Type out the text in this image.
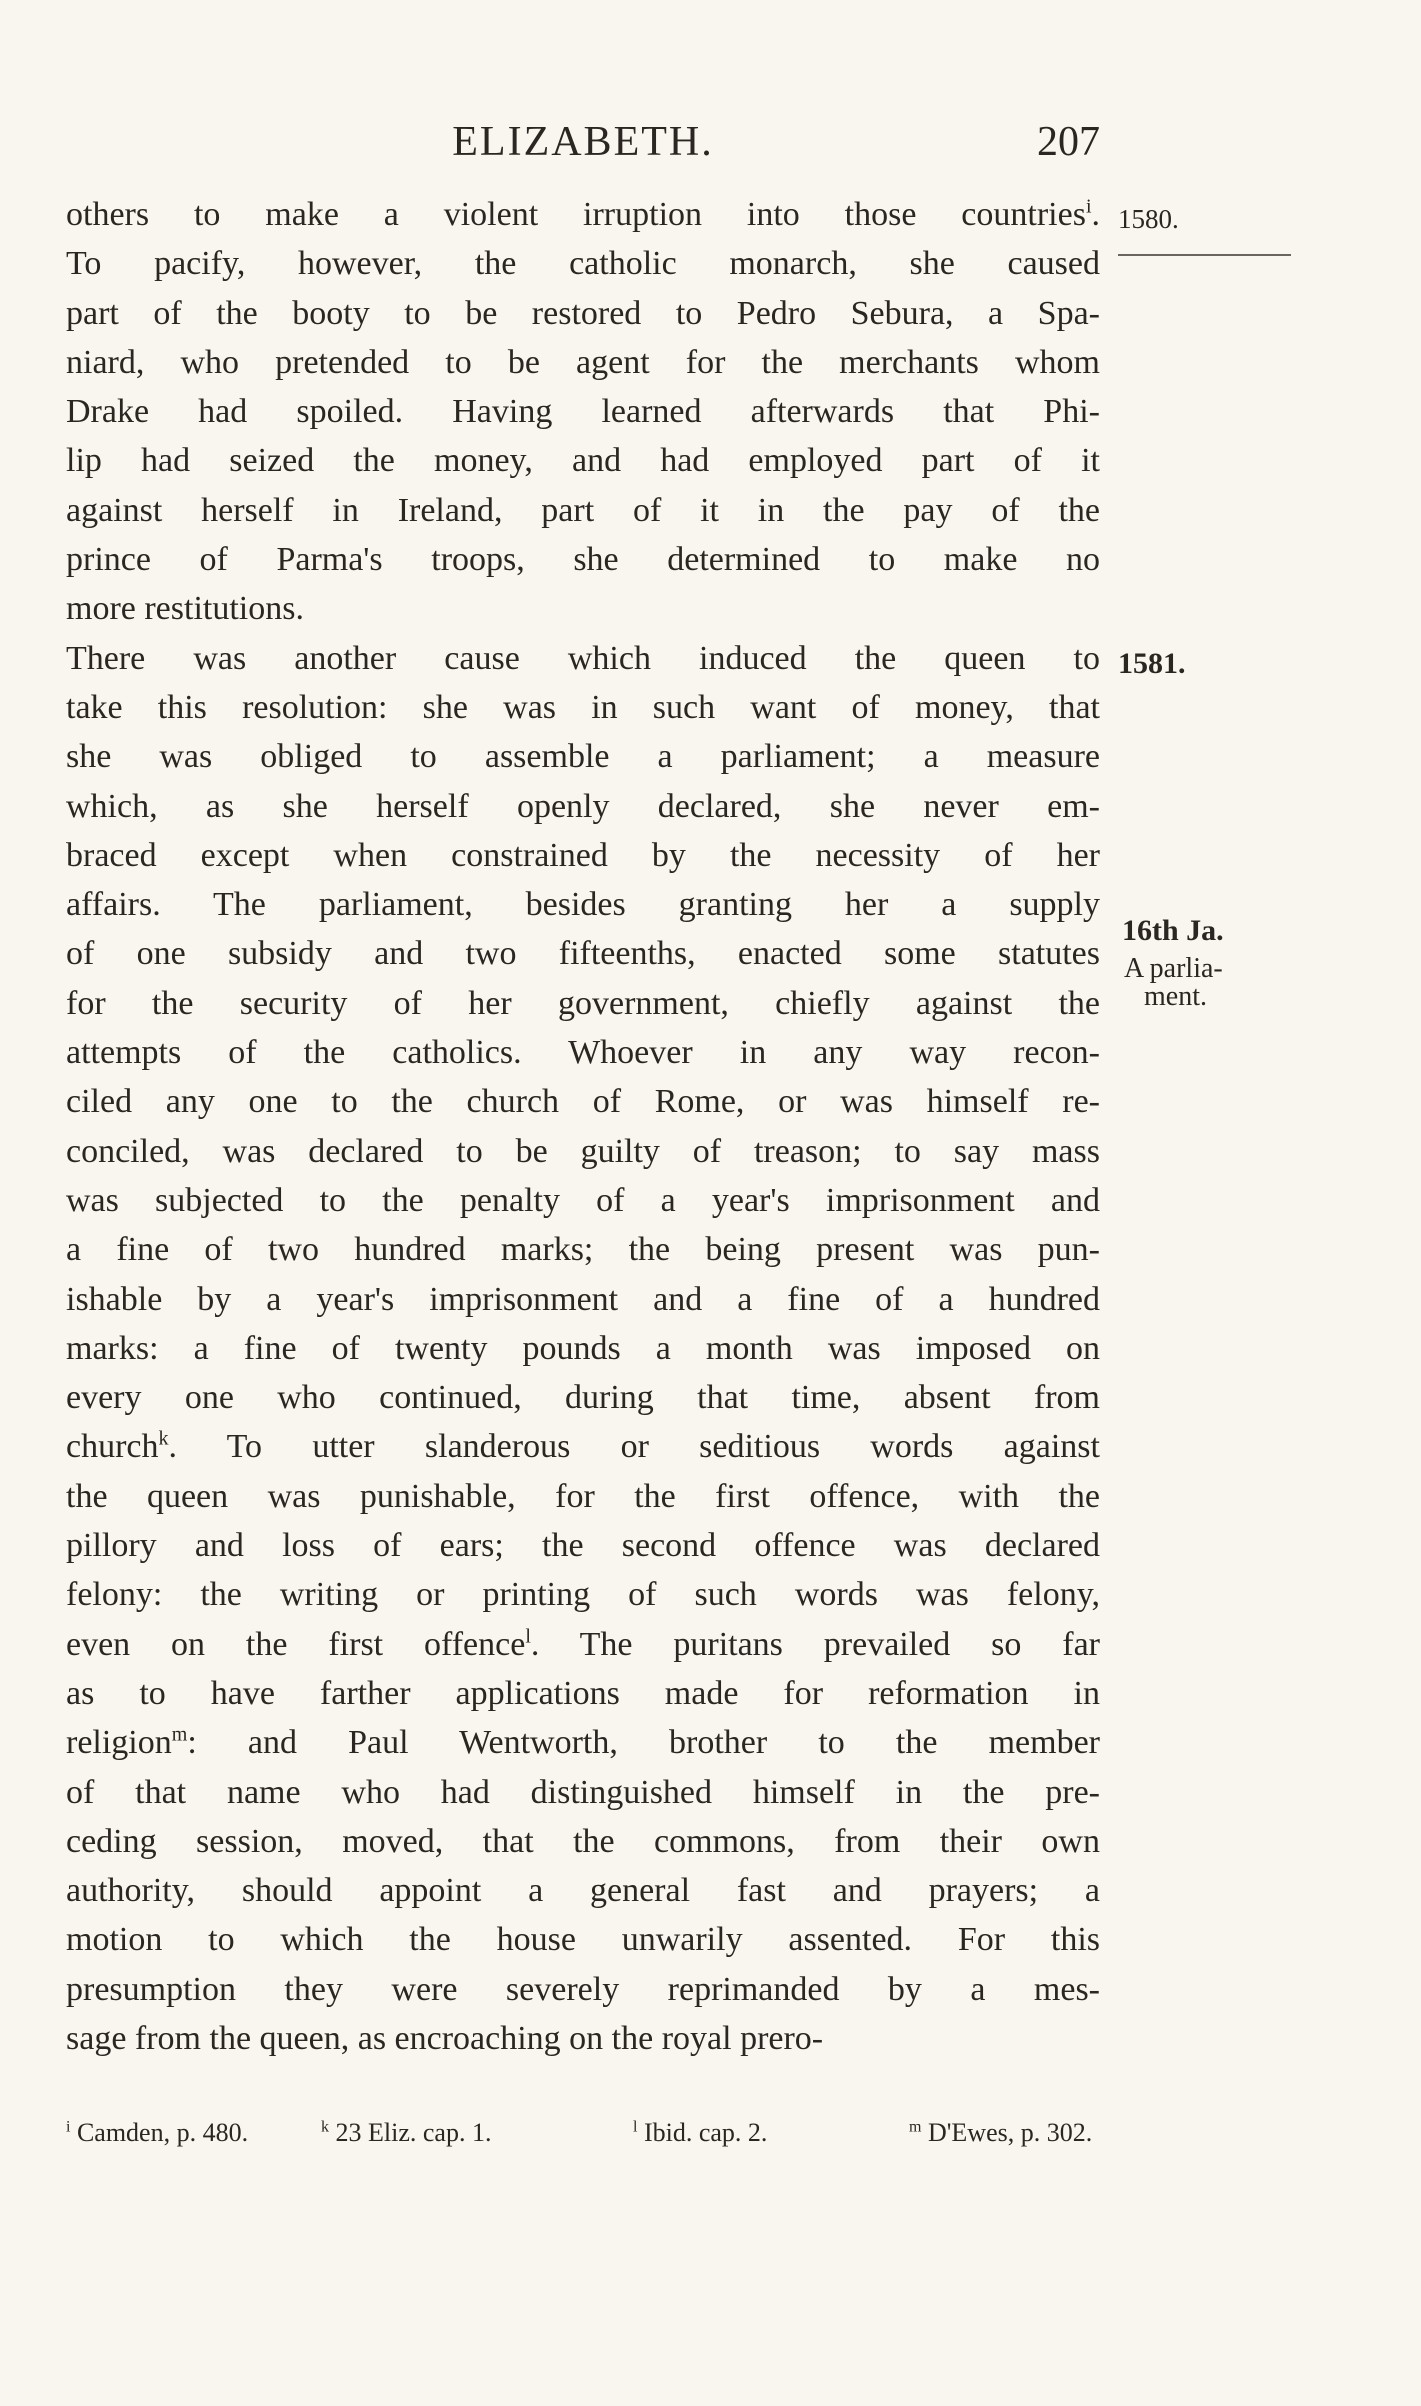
ELIZABETH.	207
1580.
1581.
16th Ja.
A parlia-
ment.
others to make a violent irruption into those countries$^i$.
To pacify, however, the catholic monarch, she caused
part of the booty to be restored to Pedro Sebura, a Spa-
niard, who pretended to be agent for the merchants whom
Drake had spoiled. Having learned afterwards that Phi-
lip had seized the money, and had employed part of it
against herself in Ireland, part of it in the pay of the
prince of Parma's troops, she determined to make no
more restitutions.
There was another cause which induced the queen to
take this resolution: she was in such want of money, that
she was obliged to assemble a parliament; a measure
which, as she herself openly declared, she never em-
braced except when constrained by the necessity of her
affairs. The parliament, besides granting her a supply
of one subsidy and two fifteenths, enacted some statutes
for the security of her government, chiefly against the
attempts of the catholics. Whoever in any way recon-
ciled any one to the church of Rome, or was himself re-
conciled, was declared to be guilty of treason; to say mass
was subjected to the penalty of a year's imprisonment and
a fine of two hundred marks; the being present was pun-
ishable by a year's imprisonment and a fine of a hundred
marks: a fine of twenty pounds a month was imposed on
every one who continued, during that time, absent from
church$^k$. To utter slanderous or seditious words against
the queen was punishable, for the first offence, with the
pillory and loss of ears; the second offence was declared
felony: the writing or printing of such words was felony,
even on the first offence$^l$. The puritans prevailed so far
as to have farther applications made for reformation in
religion$^m$: and Paul Wentworth, brother to the member
of that name who had distinguished himself in the pre-
ceding session, moved, that the commons, from their own
authority, should appoint a general fast and prayers; a
motion to which the house unwarily assented. For this
presumption they were severely reprimanded by a mes-
sage from the queen, as encroaching on the royal prero-
$^i$ Camden, p. 480.	$^k$ 23 Eliz. cap. 1.	$^l$ Ibid. cap. 2.	$^m$ D'Ewes, p. 302.
